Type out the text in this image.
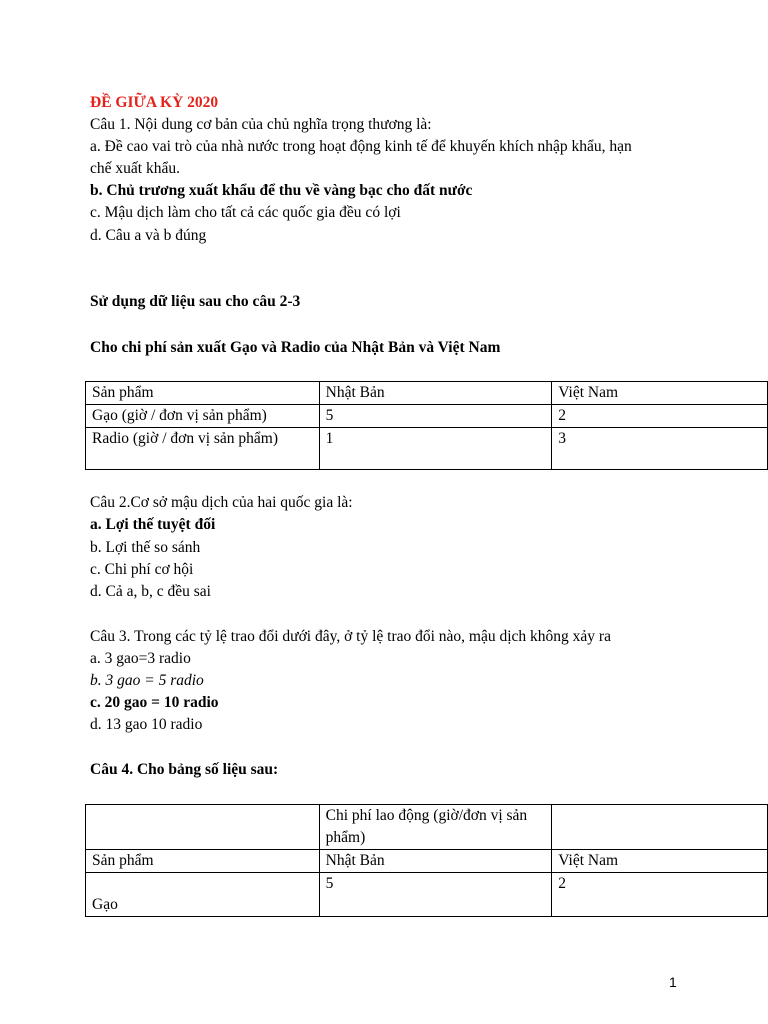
ĐỀ GIỮA KỲ 2020
Câu 1. Nội dung cơ bản của chủ nghĩa trọng thương là:
a. Đề cao vai trò của nhà nước trong hoạt động kinh tế để khuyến khích nhập khẩu, hạn
chế xuất khẩu.
b. Chủ trương xuất khẩu để thu về vàng bạc cho đất nước
c. Mậu dịch làm cho tất cả các quốc gia đều có lợi
d. Câu a và b đúng
Sử dụng dữ liệu sau cho câu 2-3
Cho chi phí sản xuất Gạo và Radio của Nhật Bản và Việt Nam
Sản phẩm	Nhật Bản	Việt Nam
Gạo (giờ / đơn vị sản phẩm)	5	2
Radio (giờ / đơn vị sản phẩm)	1	3
Câu 2.Cơ sở mậu dịch của hai quốc gia là:
a. Lợi thế tuyệt đối
b. Lợi thế so sánh
c. Chi phí cơ hội
d. Cả a, b, c đều sai
Câu 3. Trong các tỷ lệ trao đổi dưới đây, ở tỷ lệ trao đổi nào, mậu dịch không xảy ra
a. 3 gao=3 radio
b. 3 gao = 5 radio
c. 20 gao = 10 radio
d. 13 gao 10 radio
Câu 4. Cho bảng số liệu sau:

	Chi phí lao động (giờ/đơn vị sản
phẩm)	

Sản phẩm	Nhật Bản	Việt Nam
Gạo	5	2
1
